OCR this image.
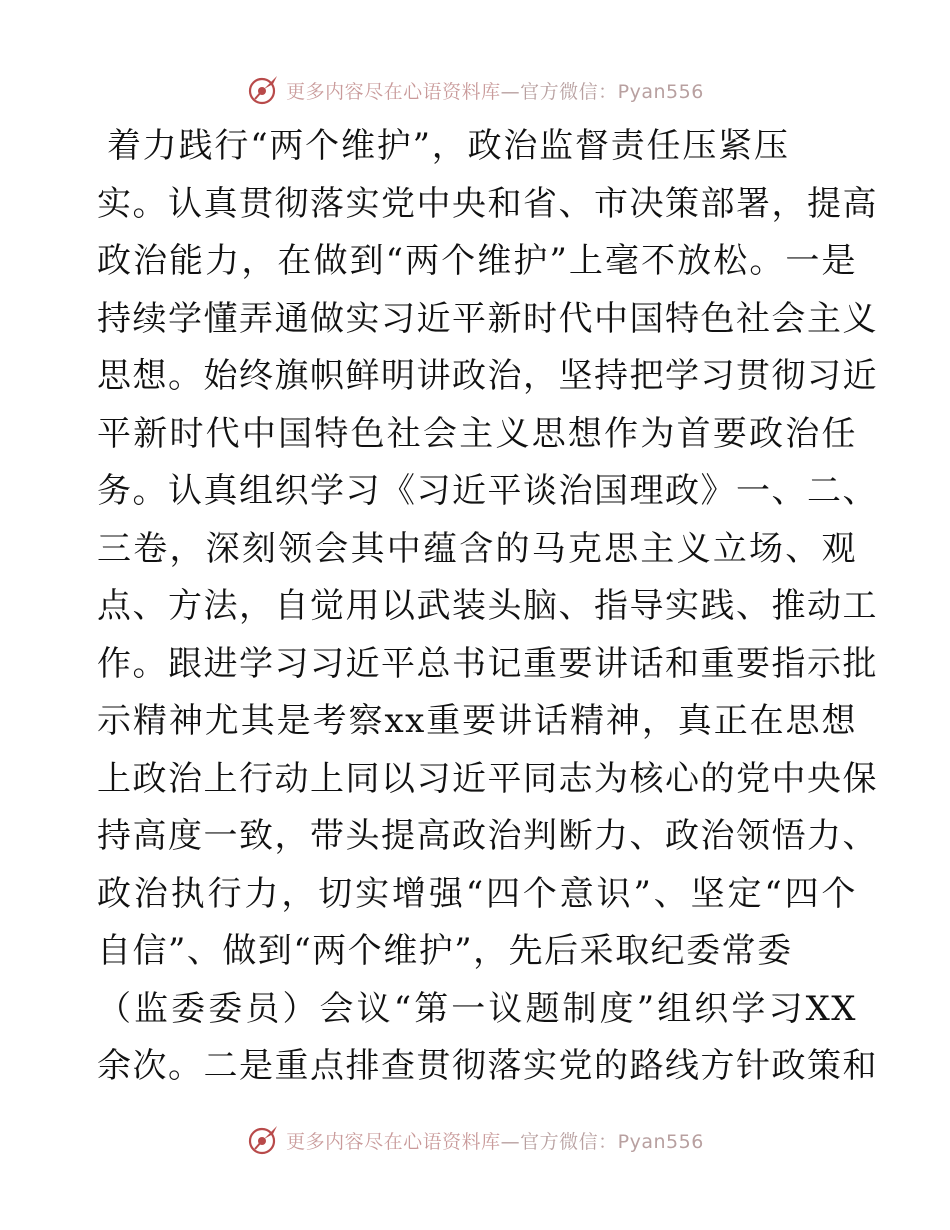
更多内容尽在心语资料库—官方微信：Pyan556
着力践行“两个维护”，政治监督责任压紧压
实。认真贯彻落实党中央和省、市决策部署，提高
政治能力，在做到“两个维护”上毫不放松。一是
持续学懂弄通做实习近平新时代中国特色社会主义
思想。始终旗帜鲜明讲政治，坚持把学习贯彻习近
平新时代中国特色社会主义思想作为首要政治任
务。认真组织学习《习近平谈治国理政》一、二、
三卷，深刻领会其中蕴含的马克思主义立场、观
点、方法，自觉用以武装头脑、指导实践、推动工
作。跟进学习习近平总书记重要讲话和重要指示批
示精神尤其是考察xx重要讲话精神，真正在思想
上政治上行动上同以习近平同志为核心的党中央保
持高度一致，带头提高政治判断力、政治领悟力、
政治执行力，切实增强“四个意识”、坚定“四个
自信”、做到“两个维护”，先后采取纪委常委
（监委委员）会议“第一议题制度”组织学习XX
余次。二是重点排查贯彻落实党的路线方针政策和
更多内容尽在心语资料库—官方微信：Pyan556
